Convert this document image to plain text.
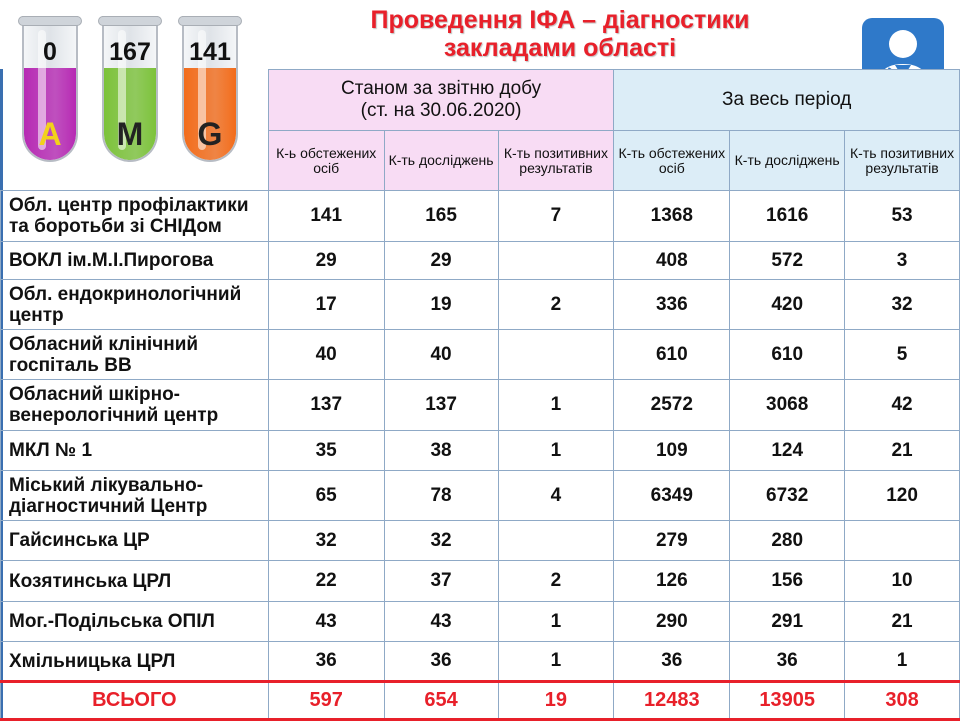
Проведення ІФА – діагностики
закладами області
0
A
167
M
141
G

	Станом за звітню добу
(ст. на 30.06.2020)			За весь період		
	К-ь обстежених осіб	К-ть досліджень	К-ть позитивних результатів	К-ть обстежених осіб	К-ть досліджень	К-ть позитивних результатів
Обл. центр профілактики та боротьби зі СНІДом	141	165	7	1368	1616	53
ВОКЛ ім.М.І.Пирогова	29	29		408	572	3
Обл. ендокринологічний центр	17	19	2	336	420	32
Обласний клінічний госпіталь ВВ	40	40		610	610	5
Обласний шкірно-венерологічний центр	137	137	1	2572	3068	42
МКЛ № 1	35	38	1	109	124	21
Міський лікувально-діагностичний Центр	65	78	4	6349	6732	120
Гайсинська ЦР	32	32		279	280	
Козятинська ЦРЛ	22	37	2	126	156	10
Мог.-Подільська ОПІЛ	43	43	1	290	291	21
Хмільницька ЦРЛ	36	36	1	36	36	1
ВСЬОГО	597	654	19	12483	13905	308
